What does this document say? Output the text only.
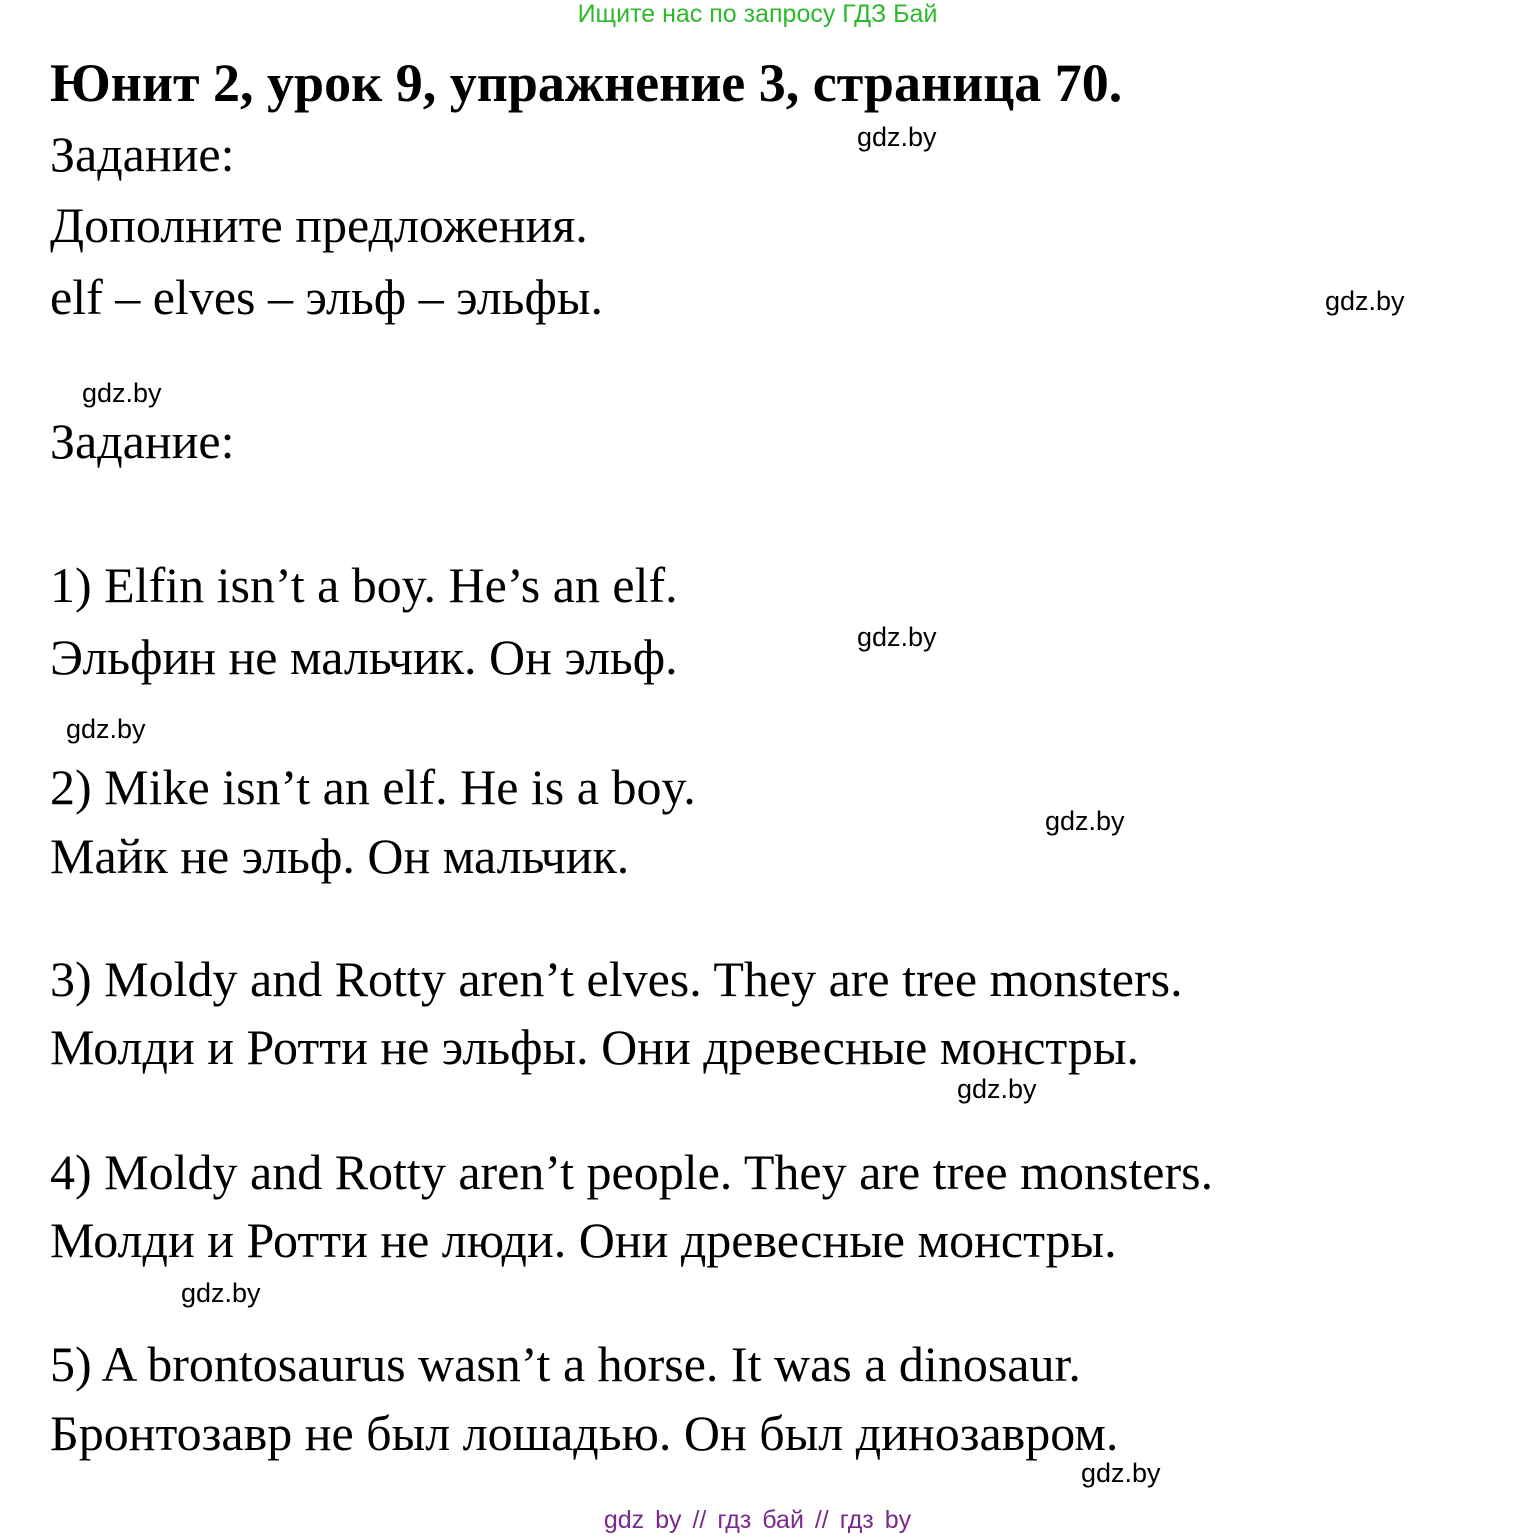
Ищите нас по запросу ГДЗ Бай
Юнит 2, урок 9, упражнение 3, страница 70.
Задание:
Дополните предложения.
elf – elves – эльф – эльфы.
Задание:
1) Elfin isn’t a boy. He’s an elf.
Эльфин не мальчик. Он эльф.
2) Mike isn’t an elf. He is a boy.
Майк не эльф. Он мальчик.
3) Moldy and Rotty aren’t elves. They are tree monsters.
Молди и Ротти не эльфы. Они древесные монстры.
4) Moldy and Rotty aren’t people. They are tree monsters.
Молди и Ротти не люди. Они древесные монстры.
5) A brontosaurus wasn’t a horse. It was a dinosaur.
Бронтозавр не был лошадью. Он был динозавром.
gdz.by
gdz.by
gdz.by
gdz.by
gdz.by
gdz.by
gdz.by
gdz.by
gdz.by
gdz by // гдз бай // гдз by
